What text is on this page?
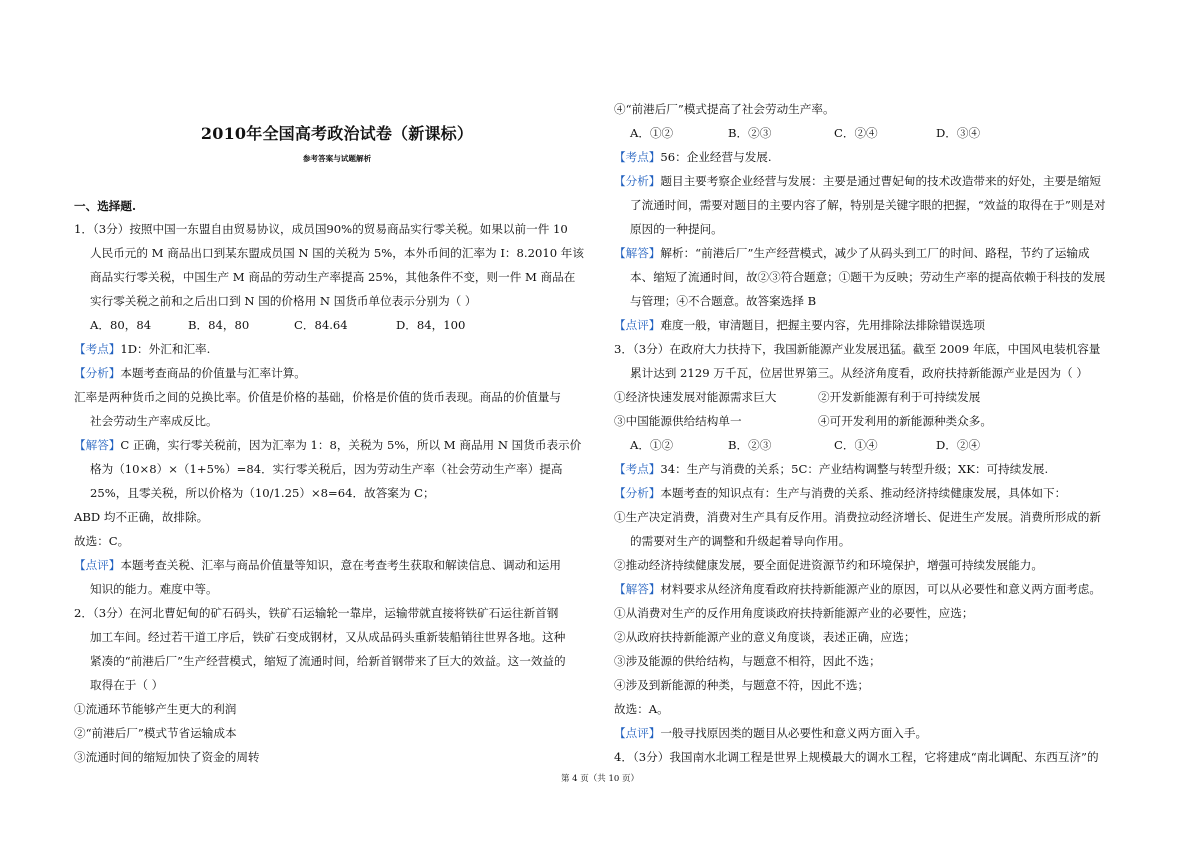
2010年全国高考政治试卷（新课标）
参考答案与试题解析
一、选择题.
1．（3分）按照中国一东盟自由贸易协议，成员国90%的贸易商品实行零关税。如果以前一件 10
人民币元的 M 商品出口到某东盟成员国 N 国的关税为 5%，本外币间的汇率为 I：8.2010 年该
商品实行零关税，中国生产 M 商品的劳动生产率提高 25%，其他条件不变，则一件 M 商品在
实行零关税之前和之后出口到 N 国的价格用 N 国货币单位表示分别为（ ）
A．80，84	B．84，80	C．84.64	D．84，100
【考点】1D：外汇和汇率.
【分析】本题考查商品的价值量与汇率计算。
汇率是两种货币之间的兑换比率。价值是价格的基础，价格是价值的货币表现。商品的价值量与
社会劳动生产率成反比。
【解答】C 正确，实行零关税前，因为汇率为 1：8，关税为 5%，所以 M 商品用 N 国货币表示价
格为（10×8）×（1+5%）=84．实行零关税后，因为劳动生产率（社会劳动生产率）提高
25%，且零关税，所以价格为（10/1.25）×8=64．故答案为 C；
ABD 均不正确，故排除。
故选：C。
【点评】本题考查关税、汇率与商品价值量等知识，意在考查考生获取和解读信息、调动和运用
知识的能力。难度中等。
2．（3分）在河北曹妃甸的矿石码头，铁矿石运输轮一靠岸，运输带就直接将铁矿石运往新首钢
加工车间。经过若干道工序后，铁矿石变成钢材，又从成品码头重新装船销往世界各地。这种
紧凑的“前港后厂”生产经营模式，缩短了流通时间，给新首钢带来了巨大的效益。这一效益的
取得在于（ ）
①流通环节能够产生更大的利润
②“前港后厂”模式节省运输成本
③流通时间的缩短加快了资金的周转
④“前港后厂”模式提高了社会劳动生产率。
A．①②	B．②③	C．②④	D．③④
【考点】56：企业经营与发展.
【分析】题目主要考察企业经营与发展：主要是通过曹妃甸的技术改造带来的好处，主要是缩短
了流通时间，需要对题目的主要内容了解，特别是关键字眼的把握，“效益的取得在于”则是对
原因的一种提问。
【解答】解析：“前港后厂”生产经营模式，减少了从码头到工厂的时间、路程，节约了运输成
本、缩短了流通时间，故②③符合题意；①题干为反映；劳动生产率的提高依赖于科技的发展
与管理；④不合题意。故答案选择 B
【点评】难度一般，审清题目，把握主要内容，先用排除法排除错误选项
3．（3分）在政府大力扶持下，我国新能源产业发展迅猛。截至 2009 年底，中国风电装机容量
累计达到 2129 万千瓦，位居世界第三。从经济角度看，政府扶持新能源产业是因为（ ）
①经济快速发展对能源需求巨大	②开发新能源有利于可持续发展
③中国能源供给结构单一	④可开发利用的新能源种类众多。
A．①②	B．②③	C．①④	D．②④
【考点】34：生产与消费的关系；5C：产业结构调整与转型升级；XK：可持续发展.
【分析】本题考查的知识点有：生产与消费的关系、推动经济持续健康发展，具体如下：
①生产决定消费，消费对生产具有反作用。消费拉动经济增长、促进生产发展。消费所形成的新
的需要对生产的调整和升级起着导向作用。
②推动经济持续健康发展，要全面促进资源节约和环境保护，增强可持续发展能力。
【解答】材料要求从经济角度看政府扶持新能源产业的原因，可以从必要性和意义两方面考虑。
①从消费对生产的反作用角度谈政府扶持新能源产业的必要性，应选；
②从政府扶持新能源产业的意义角度谈，表述正确，应选；
③涉及能源的供给结构，与题意不相符，因此不选；
④涉及到新能源的种类，与题意不符，因此不选；
故选：A。
【点评】一般寻找原因类的题目从必要性和意义两方面入手。
4．（3分）我国南水北调工程是世界上规模最大的调水工程，它将建成“南北调配、东西互济”的
第 4 页（共 10 页）
